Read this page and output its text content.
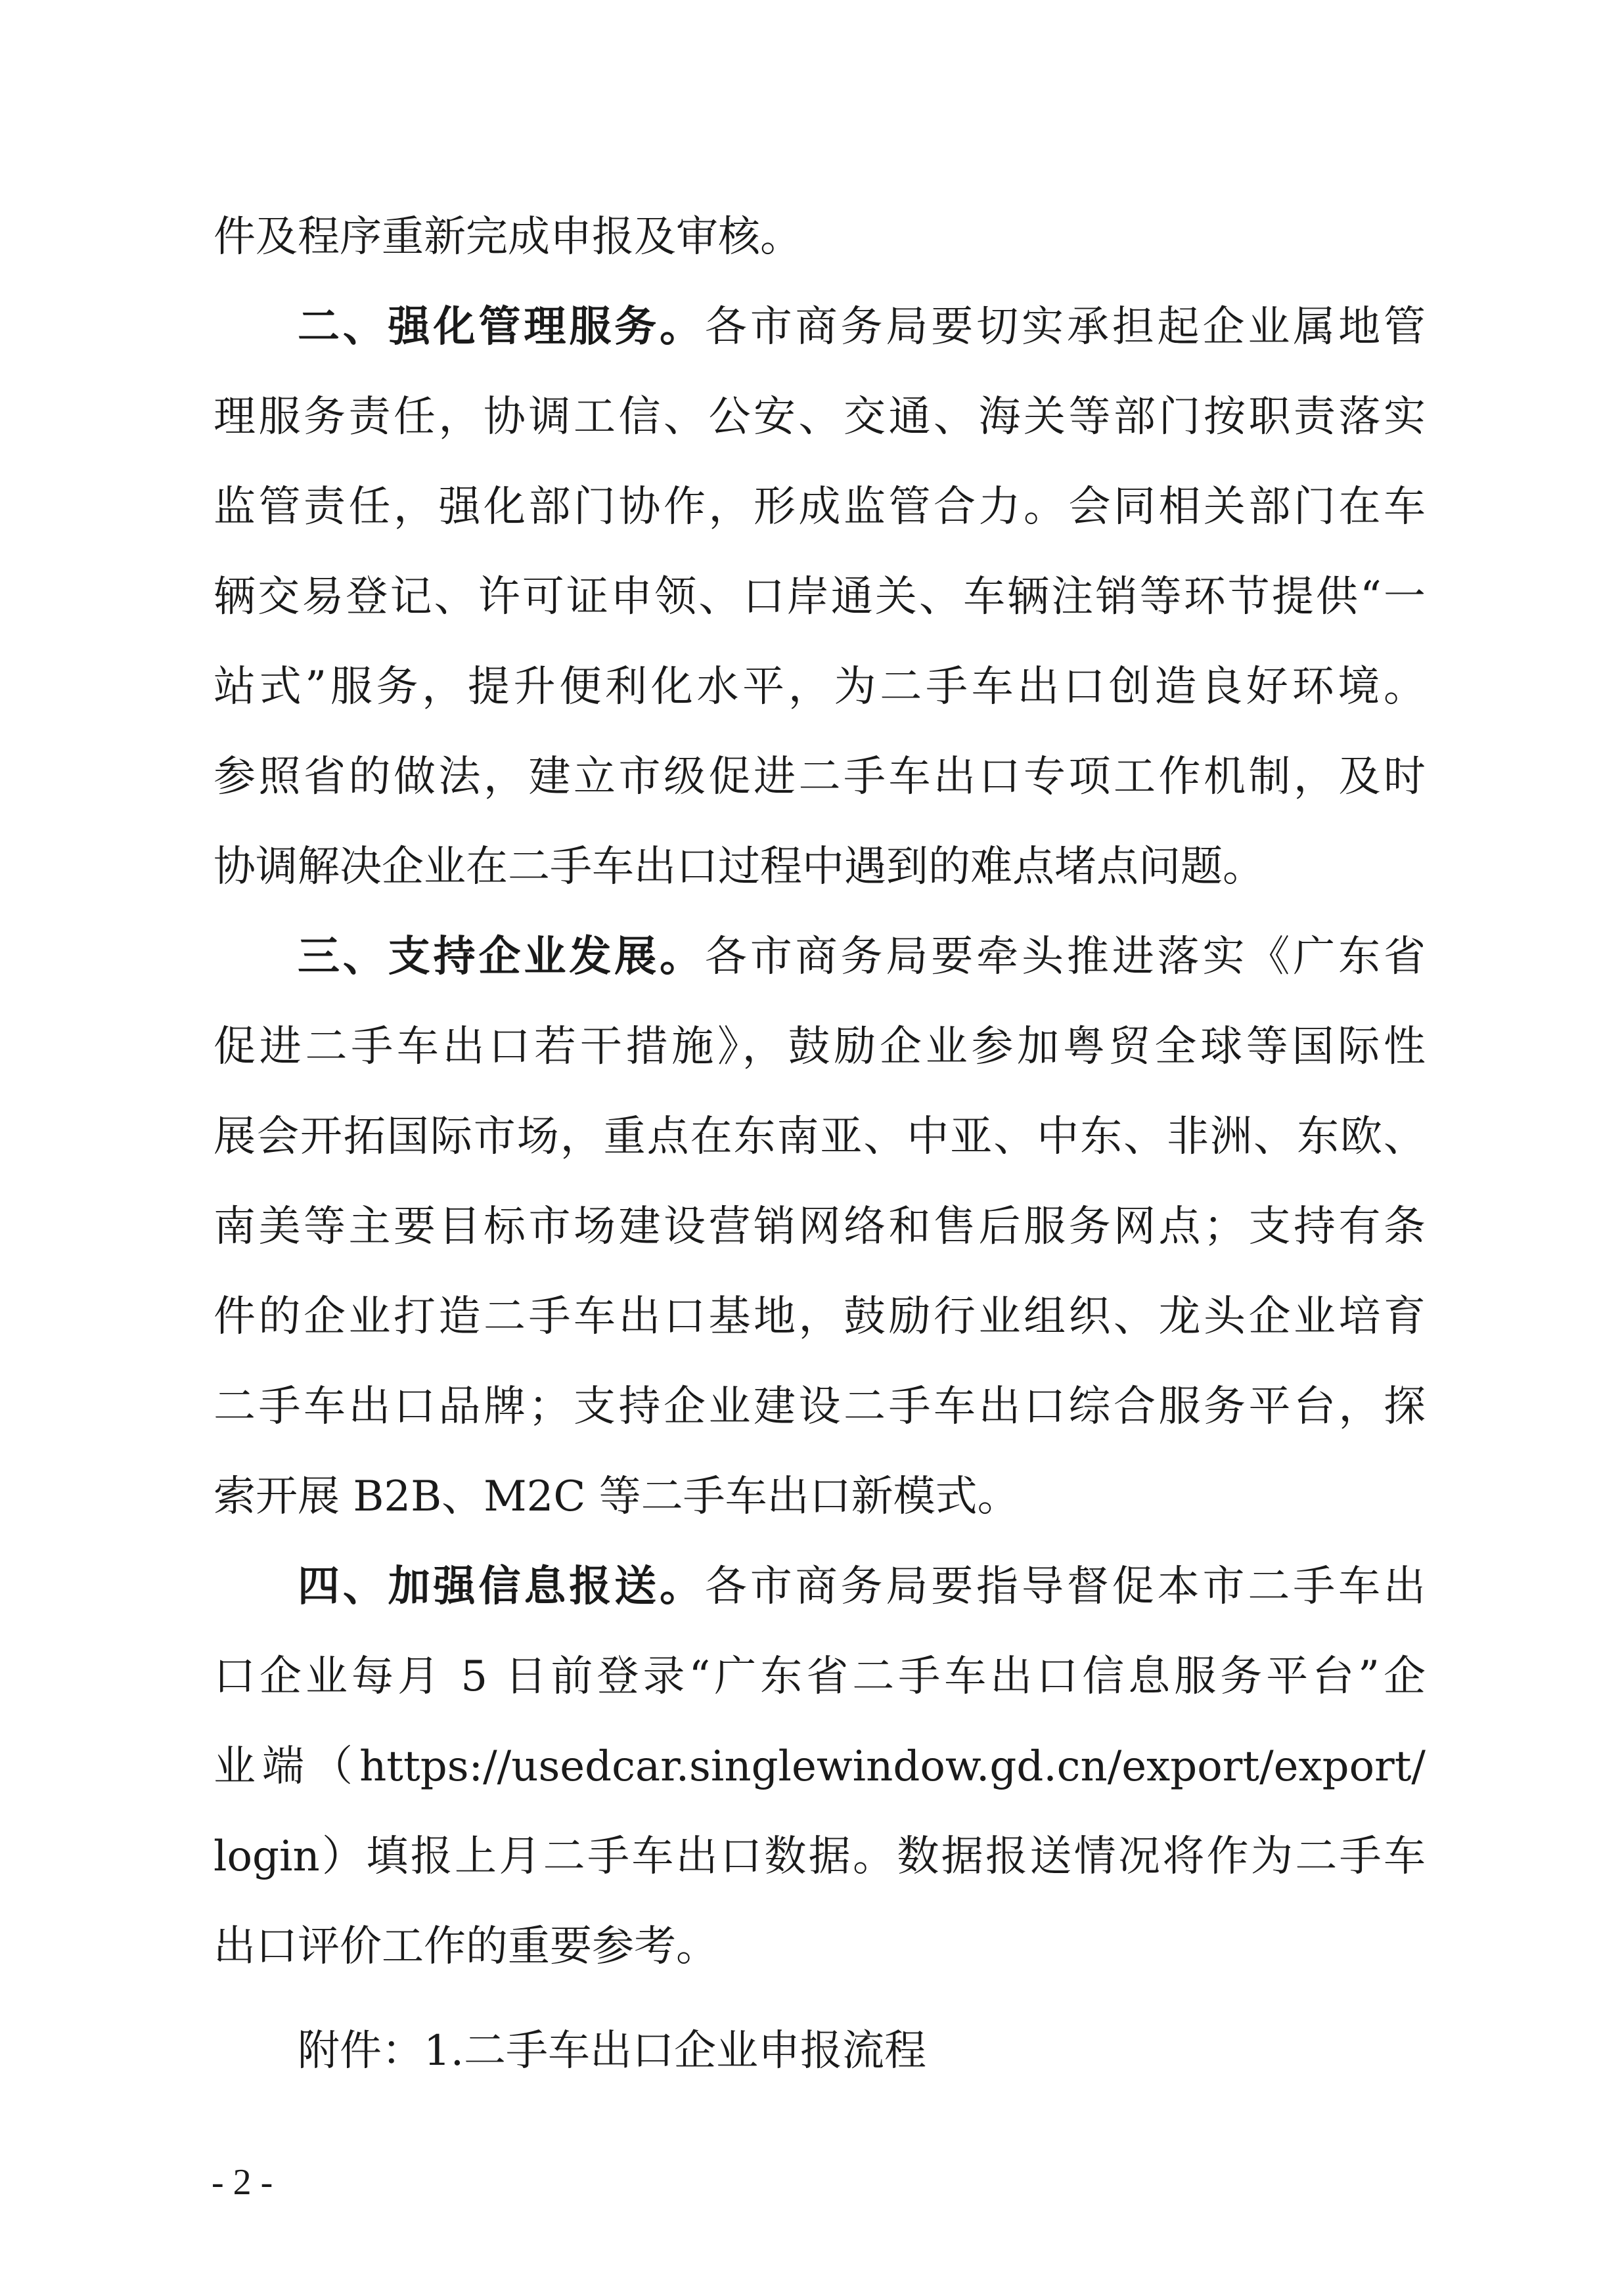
件及程序重新完成申报及审核。
二、强化管理服务。各市商务局要切实承担起企业属地管
理服务责任，协调工信、公安、交通、海关等部门按职责落实
监管责任，强化部门协作，形成监管合力。会同相关部门在车
辆交易登记、许可证申领、口岸通关、车辆注销等环节提供“一
站式”服务，提升便利化水平，为二手车出口创造良好环境。
参照省的做法，建立市级促进二手车出口专项工作机制，及时
协调解决企业在二手车出口过程中遇到的难点堵点问题。
三、支持企业发展。各市商务局要牵头推进落实《广东省
促进二手车出口若干措施》，鼓励企业参加粤贸全球等国际性
展会开拓国际市场，重点在东南亚、中亚、中东、非洲、东欧、
南美等主要目标市场建设营销网络和售后服务网点；支持有条
件的企业打造二手车出口基地，鼓励行业组织、龙头企业培育
二手车出口品牌；支持企业建设二手车出口综合服务平台，探
索开展 B2B、M2C 等二手车出口新模式。
四、加强信息报送。各市商务局要指导督促本市二手车出
口企业每月 5 日前登录“广东省二手车出口信息服务平台”企
业端（https://usedcar.singlewindow.gd.cn/export/export/
login）填报上月二手车出口数据。数据报送情况将作为二手车
出口评价工作的重要参考。
附件：1.二手车出口企业申报流程
- 2 -
